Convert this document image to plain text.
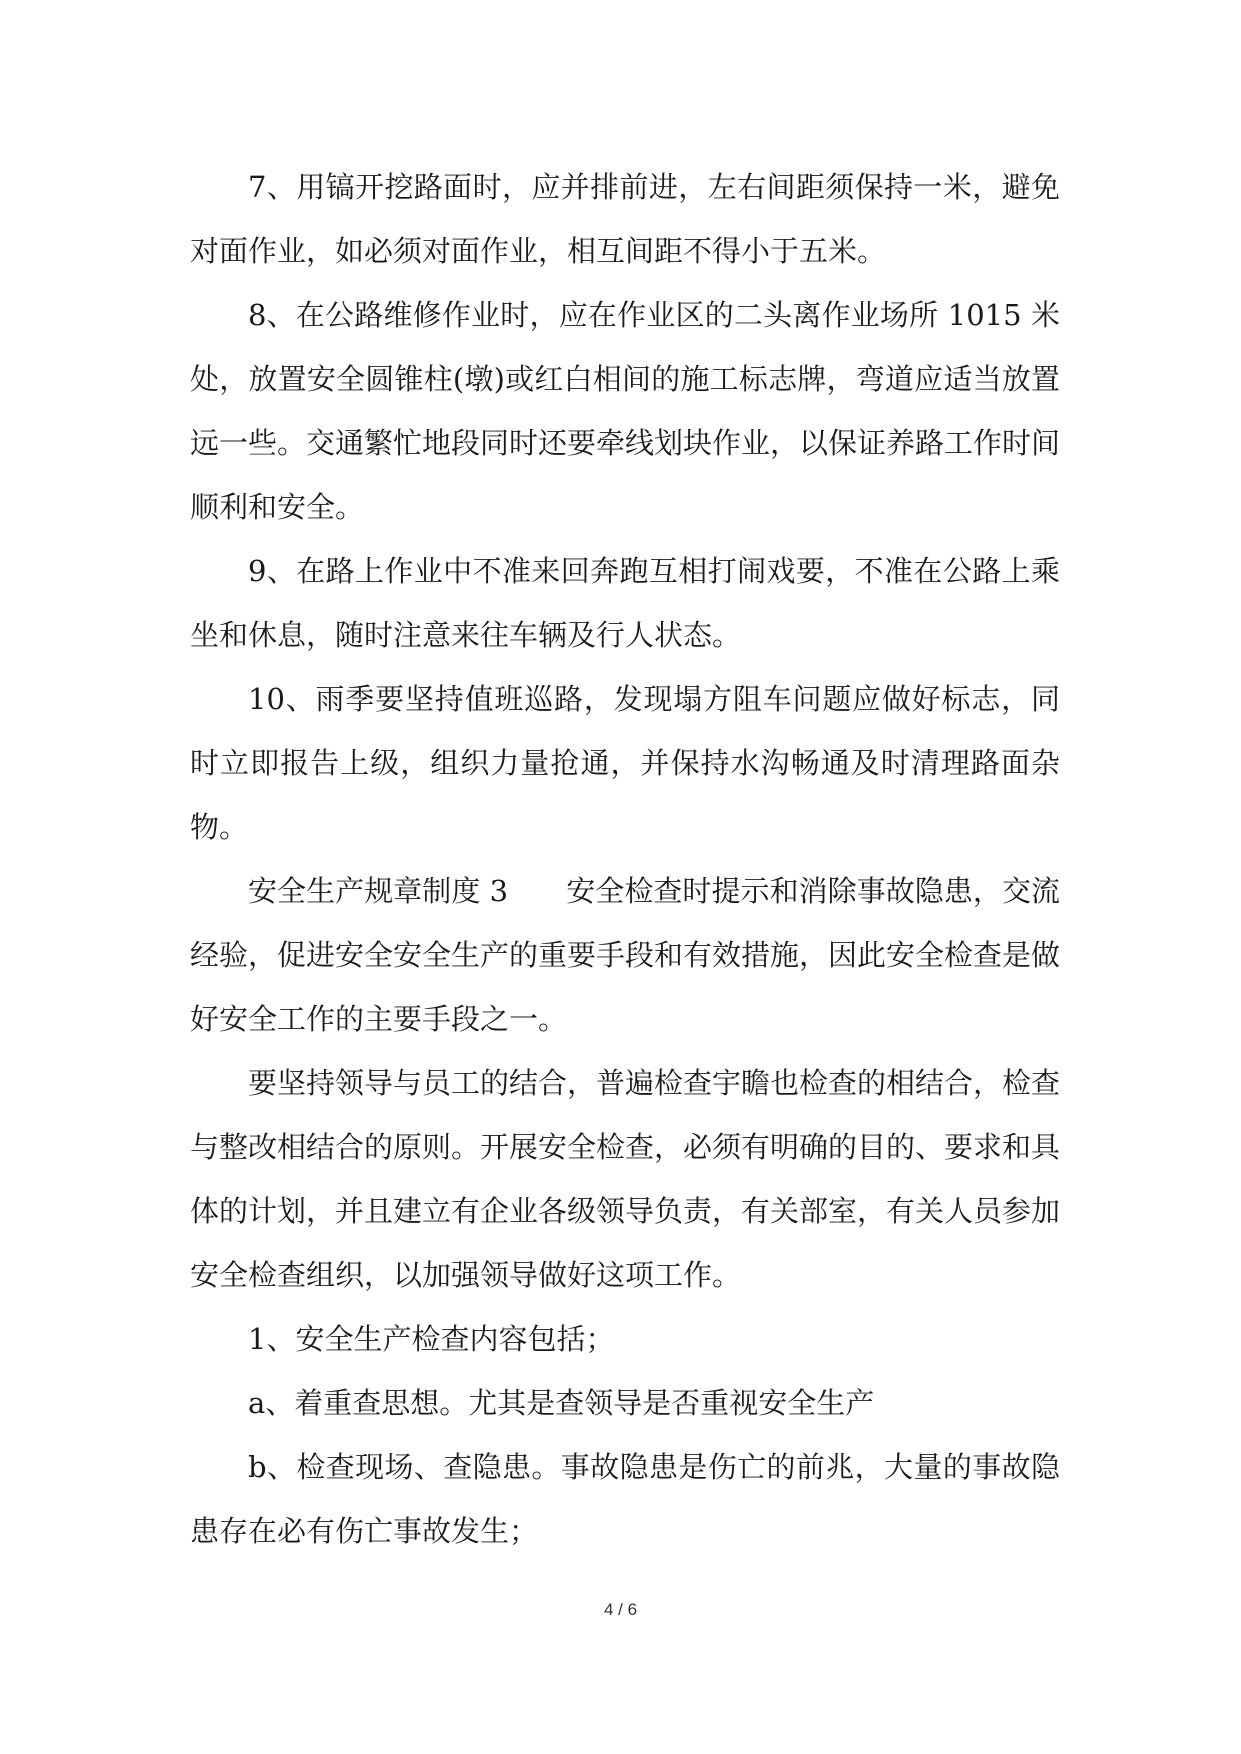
7、用镐开挖路面时，应并排前进，左右间距须保持一米，避免对面作业，如必须对面作业，相互间距不得小于五米。

8、在公路维修作业时，应在作业区的二头离作业场所 1015 米处，放置安全圆锥柱(墩)或红白相间的施工标志牌，弯道应适当放置远一些。交通繁忙地段同时还要牵线划块作业，以保证养路工作时间顺利和安全。

9、在路上作业中不准来回奔跑互相打闹戏要，不准在公路上乘坐和休息，随时注意来往车辆及行人状态。

10、雨季要坚持值班巡路，发现塌方阻车问题应做好标志，同时立即报告上级，组织力量抢通，并保持水沟畅通及时清理路面杂物。

安全生产规章制度 3　　安全检查时提示和消除事故隐患，交流经验，促进安全安全生产的重要手段和有效措施，因此安全检查是做好安全工作的主要手段之一。

要坚持领导与员工的结合，普遍检查宇瞻也检查的相结合，检查与整改相结合的原则。开展安全检查，必须有明确的目的、要求和具体的计划，并且建立有企业各级领导负责，有关部室，有关人员参加安全检查组织，以加强领导做好这项工作。

1、安全生产检查内容包括；

a、着重查思想。尤其是查领导是否重视安全生产

b、检查现场、查隐患。事故隐患是伤亡的前兆，大量的事故隐患存在必有伤亡事故发生；

4 / 6
